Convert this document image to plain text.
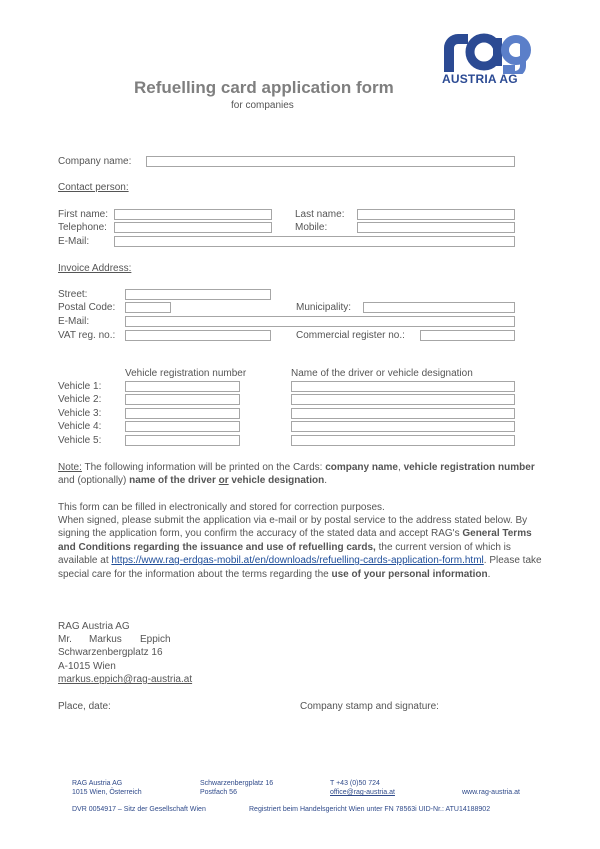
AUSTRIA AG
Refuelling card application form
for companies
Company name:
Contact person:
First name:	Last name:
Telephone:	Mobile:
E-Mail:
Invoice Address:
Street:
Postal Code:	Municipality:
E-Mail:
VAT reg. no.:	Commercial register no.:
Vehicle registration number	Name of the driver or vehicle designation
Vehicle 1:
Vehicle 2:
Vehicle 3:
Vehicle 4:
Vehicle 5:
Note: The following information will be printed on the Cards: company name, vehicle registration number and (optionally) name of the driver or vehicle designation.
This form can be filled in electronically and stored for correction purposes.
When signed, please submit the application via e-mail or by postal service to the address stated below. By signing the application form, you confirm the accuracy of the stated data and accept RAG's General Terms and Conditions regarding the issuance and use of refuelling cards, the current version of which is available at https://www.rag-erdgas-mobil.at/en/downloads/refuelling-cards-application-form.html. Please take special care for the information about the terms regarding the use of your personal information.
RAG Austria AG
Mr. Markus Eppich
Schwarzenbergplatz 16
A-1015 Wien
markus.eppich@rag-austria.at
Place, date:	Company stamp and signature:
RAG Austria AG
1015 Wien, Österreich
Schwarzenbergplatz 16
Postfach 56
T +43 (0)50 724
office@rag-austria.at	www.rag-austria.at
DVR 0054917 – Sitz der Gesellschaft Wien	Registriert beim Handelsgericht Wien unter FN 78563i UID-Nr.: ATU14188902
